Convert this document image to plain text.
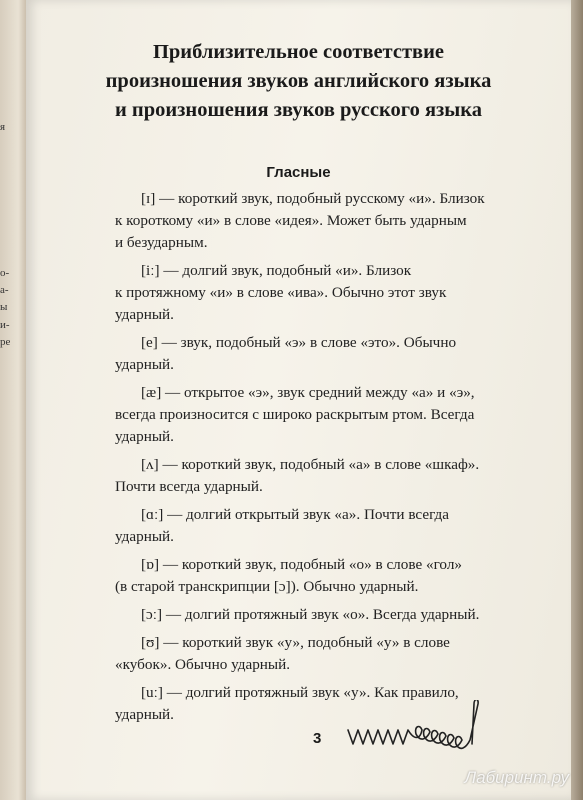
я
о-
а-
ы
и-
ре
Приблизительное соответствие
произношения звуков английского языка
и произношения звуков русского языка
Гласные
[ɪ] — короткий звук, подобный русскому «и». Близок
к короткому «и» в слове «идея». Может быть ударным
и безударным.
[iː] — долгий звук, подобный «и». Близок
к протяжному «и» в слове «ива». Обычно этот звук
ударный.
[e] — звук, подобный «э» в слове «это». Обычно
ударный.
[æ] — открытое «э», звук средний между «а» и «э»,
всегда произносится с широко раскрытым ртом. Всегда
ударный.
[ʌ] — короткий звук, подобный «а» в слове «шкаф».
Почти всегда ударный.
[ɑː] — долгий открытый звук «а». Почти всегда
ударный.
[ɒ] — короткий звук, подобный «о» в слове «гол»
(в старой транскрипции [ɔ]). Обычно ударный.
[ɔː] — долгий протяжный звук «о». Всегда ударный.
[ʊ] — короткий звук «у», подобный «у» в слове
«кубок». Обычно ударный.
[uː] — долгий протяжный звук «у». Как правило,
ударный.
3
Лабиринт.ру
